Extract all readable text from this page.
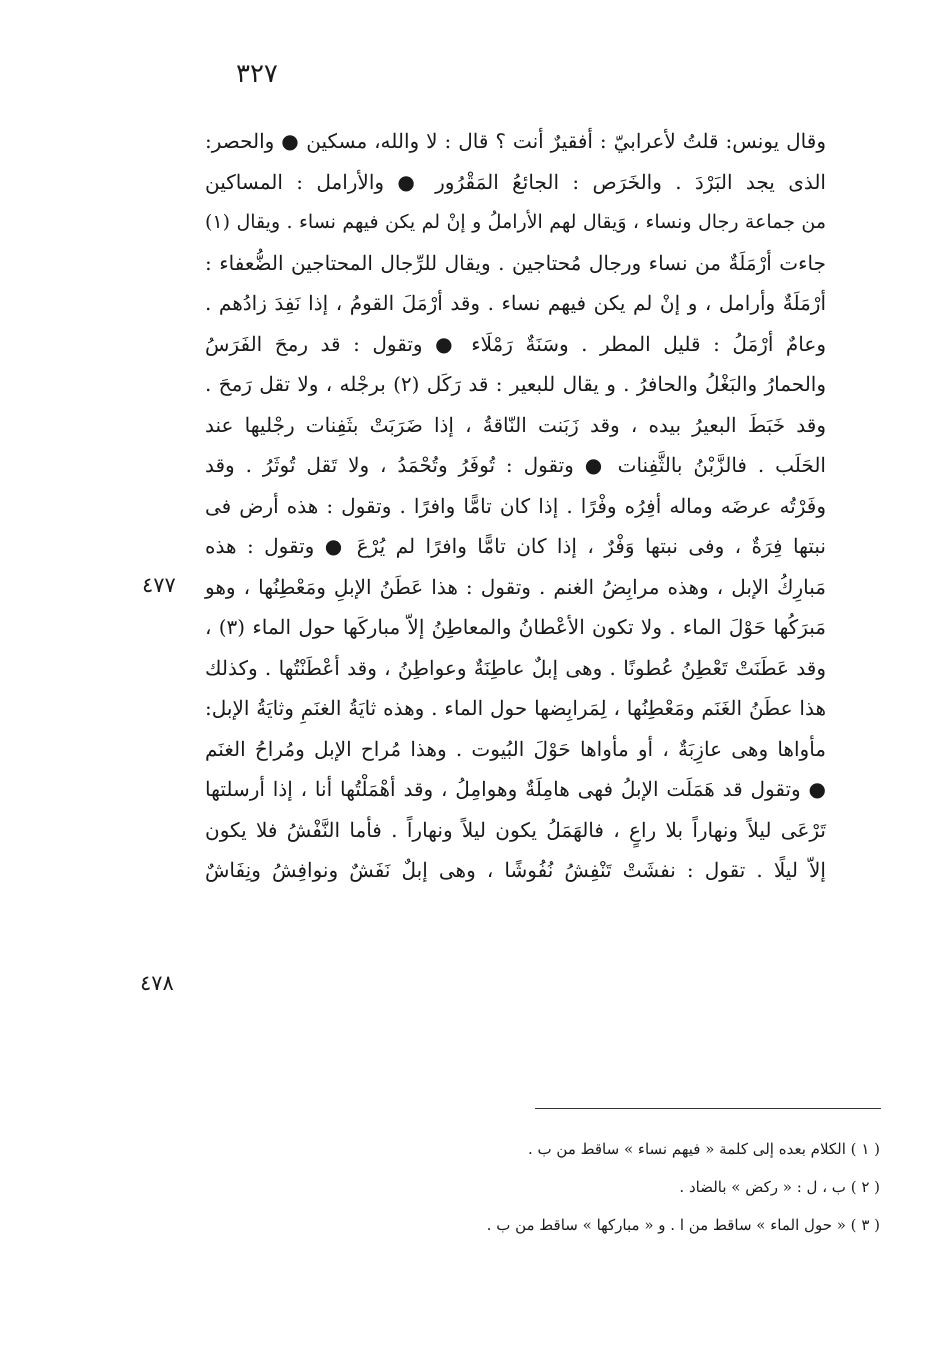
٣٢٧
وقال يونس: قلتُ لأعرابيّ : أفقيرٌ أنت ؟ قال : لا والله، مسكين ● والحصر:
الذى يجد البَرْدَ . والخَرَص : الجائعُ المَقْرُور ● والأرامل : المساكين
من جماعة رجال ونساء ، وَيقال لهم الأراملُ و إنْ لم يكن فيهم نساء . ويقال (١)
جاءت أرْمَلَةٌ من نساء ورجال مُحتاجين . ويقال للرِّجال المحتاجين الضُّعفاء :
أرْمَلَةٌ وأرامل ، و إنْ لم يكن فيهم نساء . وقد أرْمَلَ القومُ ، إذا نَفِدَ زادُهم .
وعامٌ أرْمَلُ : قليل المطر . وسَنَةٌ رَمْلَاء ● وتقول : قد رمحَ الفَرَسُ
والحمارُ والبَغْلُ والحافرُ . و يقال للبعير : قد رَكَل (٢) برجْله ، ولا تقل رَمحَ .
وقد خَبَطَ البعيرُ بيده ، وقد زَبَنت النّاقةُ ، إذا ضَرَبَتْ بثَفِنات رجْليها عند
الحَلَب . فالزَّبْنُ بالثَّفِنات ● وتقول : تُوفَرُ وتُحْمَدُ ، ولا تَقل تُوثَرُ . وقد
وفَرْتُه عرضَه وماله أفِرُه وفْرًا . إذا كان تامًّا وافرًا . وتقول : هذه أرض فى
نبتها فِرَةٌ ، وفى نبتها وَفْرٌ ، إذا كان تامًّا وافرًا لم يُرْعَ ● وتقول : هذه
مَبارِكُ الإبل ، وهذه مرابِضُ الغنم . وتقول : هذا عَطَنُ الإبلِ ومَعْطِنُها ، وهو
مَبرَكُها حَوْلَ الماء . ولا تكون الأعْطانُ والمعاطِنُ إلاّ مباركَها حول الماء (٣) ،
وقد عَطَنَتْ تَعْطِنُ عُطونًا . وهى إبلٌ عاطِنَةٌ وعواطِنُ ، وقد أعْطَنْتُها . وكذلك
هذا عطَنُ الغَنَم ومَعْطِنُها ، لِمَرابِضها حول الماء . وهذه ثايَةُ الغنَمِ وثايَةُ الإبل:
مأواها وهى عازِبَةٌ ، أو مأواها حَوْلَ البُيوت . وهذا مُراح الإبل ومُراحُ الغنَم
● وتقول قد هَمَلَت الإبلُ فهى هامِلَةٌ وهوامِلُ ، وقد أهْمَلْتُها أنا ، إذا أرسلتها
تَرْعَى ليلاً ونهاراً بلا راعٍ ، فالهَمَلُ يكون ليلاً ونهاراً . فأما النَّفْشُ فلا يكون
إلاّ ليلًا . تقول : نفشَتْ تَنْفِشُ نُفُوشًا ، وهى إبلٌ نَفَشٌ ونوافِشُ ونِفَاشٌ
٤٧٧
٤٧٨
( ١ ) الكلام بعده إلى كلمة « فيهم نساء » ساقط من ب .
( ٢ ) ب ، ل : « ركض » بالضاد .
( ٣ ) « حول الماء » ساقط من ا . و « مباركها » ساقط من ب .
